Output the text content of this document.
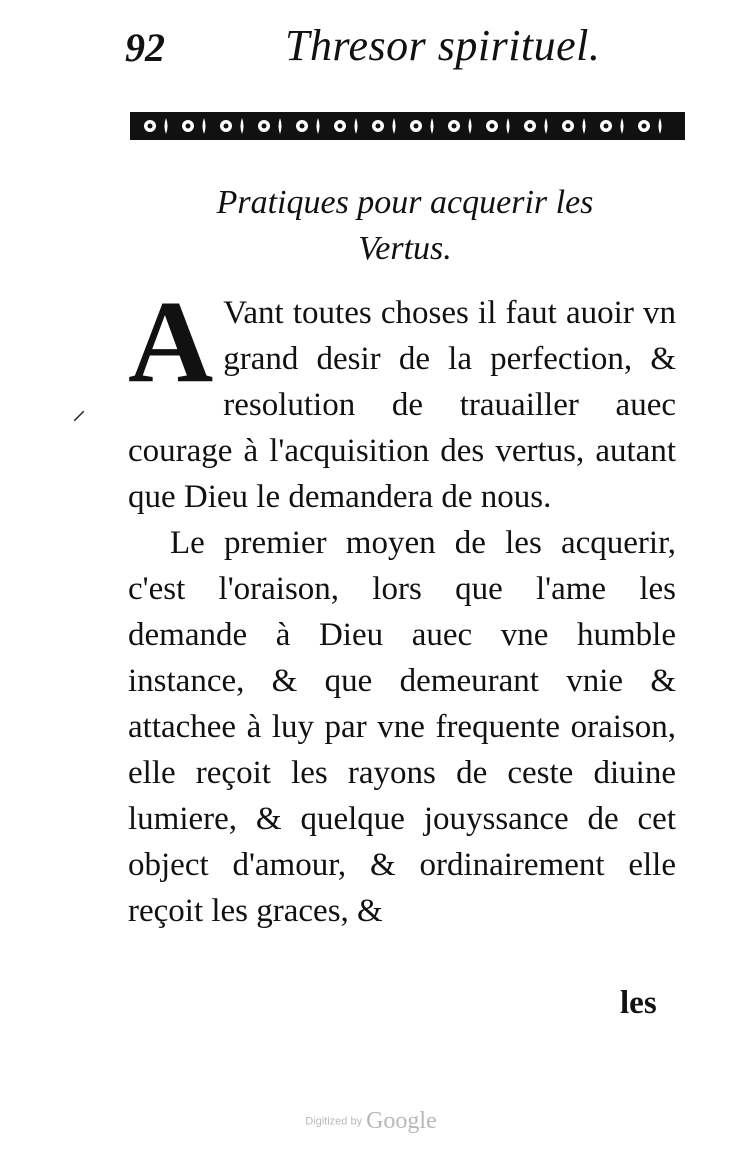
92	Thresor spirituel.
Pratiques pour acquerir les
Vertus.
⸝

A Vant toutes choses il faut auoir vn grand desir de la perfection, & resolution de trauailler auec courage à l'acquisition des vertus, autant que Dieu le demandera de nous.

Le premier moyen de les acquerir, c'est l'oraison, lors que l'ame les demande à Dieu auec vne humble instance, & que demeurant vnie & attachee à luy par vne frequente oraison, elle reçoit les rayons de ceste diuine lumiere, & quelque jouyssance de cet object d'amour, & ordinairement elle reçoit les graces, &

les
Digitized by Google
